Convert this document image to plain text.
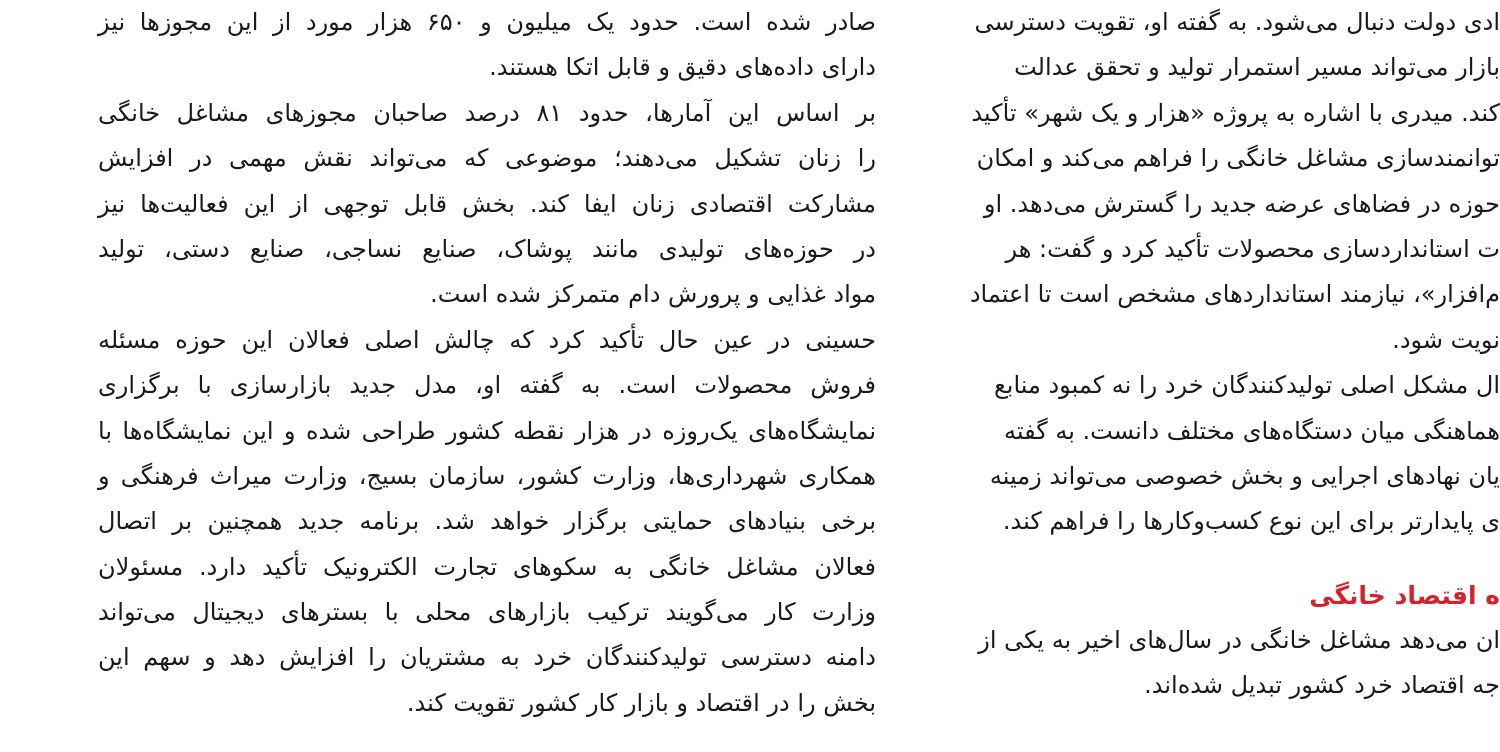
صادر شده است. حدود یک میلیون و ۶۵۰ هزار مورد از این مجوزها نیز
دارای داده‌های دقیق و قابل اتکا هستند.
بر اساس این آمارها، حدود ۸۱ درصد صاحبان مجوزهای مشاغل خانگی
را زنان تشکیل می‌دهند؛ موضوعی که می‌تواند نقش مهمی در افزایش
مشارکت اقتصادی زنان ایفا کند. بخش قابل توجهی از این فعالیت‌ها نیز
در حوزه‌های تولیدی مانند پوشاک، صنایع نساجی، صنایع دستی، تولید
مواد غذایی و پرورش دام متمرکز شده است.
حسینی در عین حال تأکید کرد که چالش اصلی فعالان این حوزه مسئله
فروش محصولات است. به گفته او، مدل جدید بازارسازی با برگزاری
نمایشگاه‌های یک‌روزه در هزار نقطه کشور طراحی شده و این نمایشگاه‌ها با
همکاری شهرداری‌ها، وزارت کشور، سازمان بسیج، وزارت میراث فرهنگی و
برخی بنیادهای حمایتی برگزار خواهد شد. برنامه جدید همچنین بر اتصال
فعالان مشاغل خانگی به سکوهای تجارت الکترونیک تأکید دارد. مسئولان
وزارت کار می‌گویند ترکیب بازارهای محلی با بسترهای دیجیتال می‌تواند
دامنه دسترسی تولیدکنندگان خرد به مشتریان را افزایش دهد و سهم این
بخش را در اقتصاد و بازار کار کشور تقویت کند.
ادی دولت دنبال می‌شود. به گفته او، تقویت دسترسی
بازار می‌تواند مسیر استمرار تولید و تحقق عدالت
کند. میدری با اشاره به پروژه «هزار و یک شهر» تأکید
توانمندسازی مشاغل خانگی را فراهم می‌کند و امکان
حوزه در فضاهای عرضه جدید را گسترش می‌دهد. او
ت استانداردسازی محصولات تأکید کرد و گفت: هر
م‌افزار»، نیازمند استانداردهای مشخص است تا اعتماد
نویت شود.
ال مشکل اصلی تولیدکنندگان خرد را نه کمبود منابع
هماهنگی میان دستگاه‌های مختلف دانست. به گفته
یان نهادهای اجرایی و بخش خصوصی می‌تواند زمینه
ی پایدارتر برای این نوع کسب‌وکارها را فراهم کند.
ه اقتصاد خانگی
ان می‌دهد مشاغل خانگی در سال‌های اخیر به یکی از
جه اقتصاد خرد کشور تبدیل شده‌اند.
